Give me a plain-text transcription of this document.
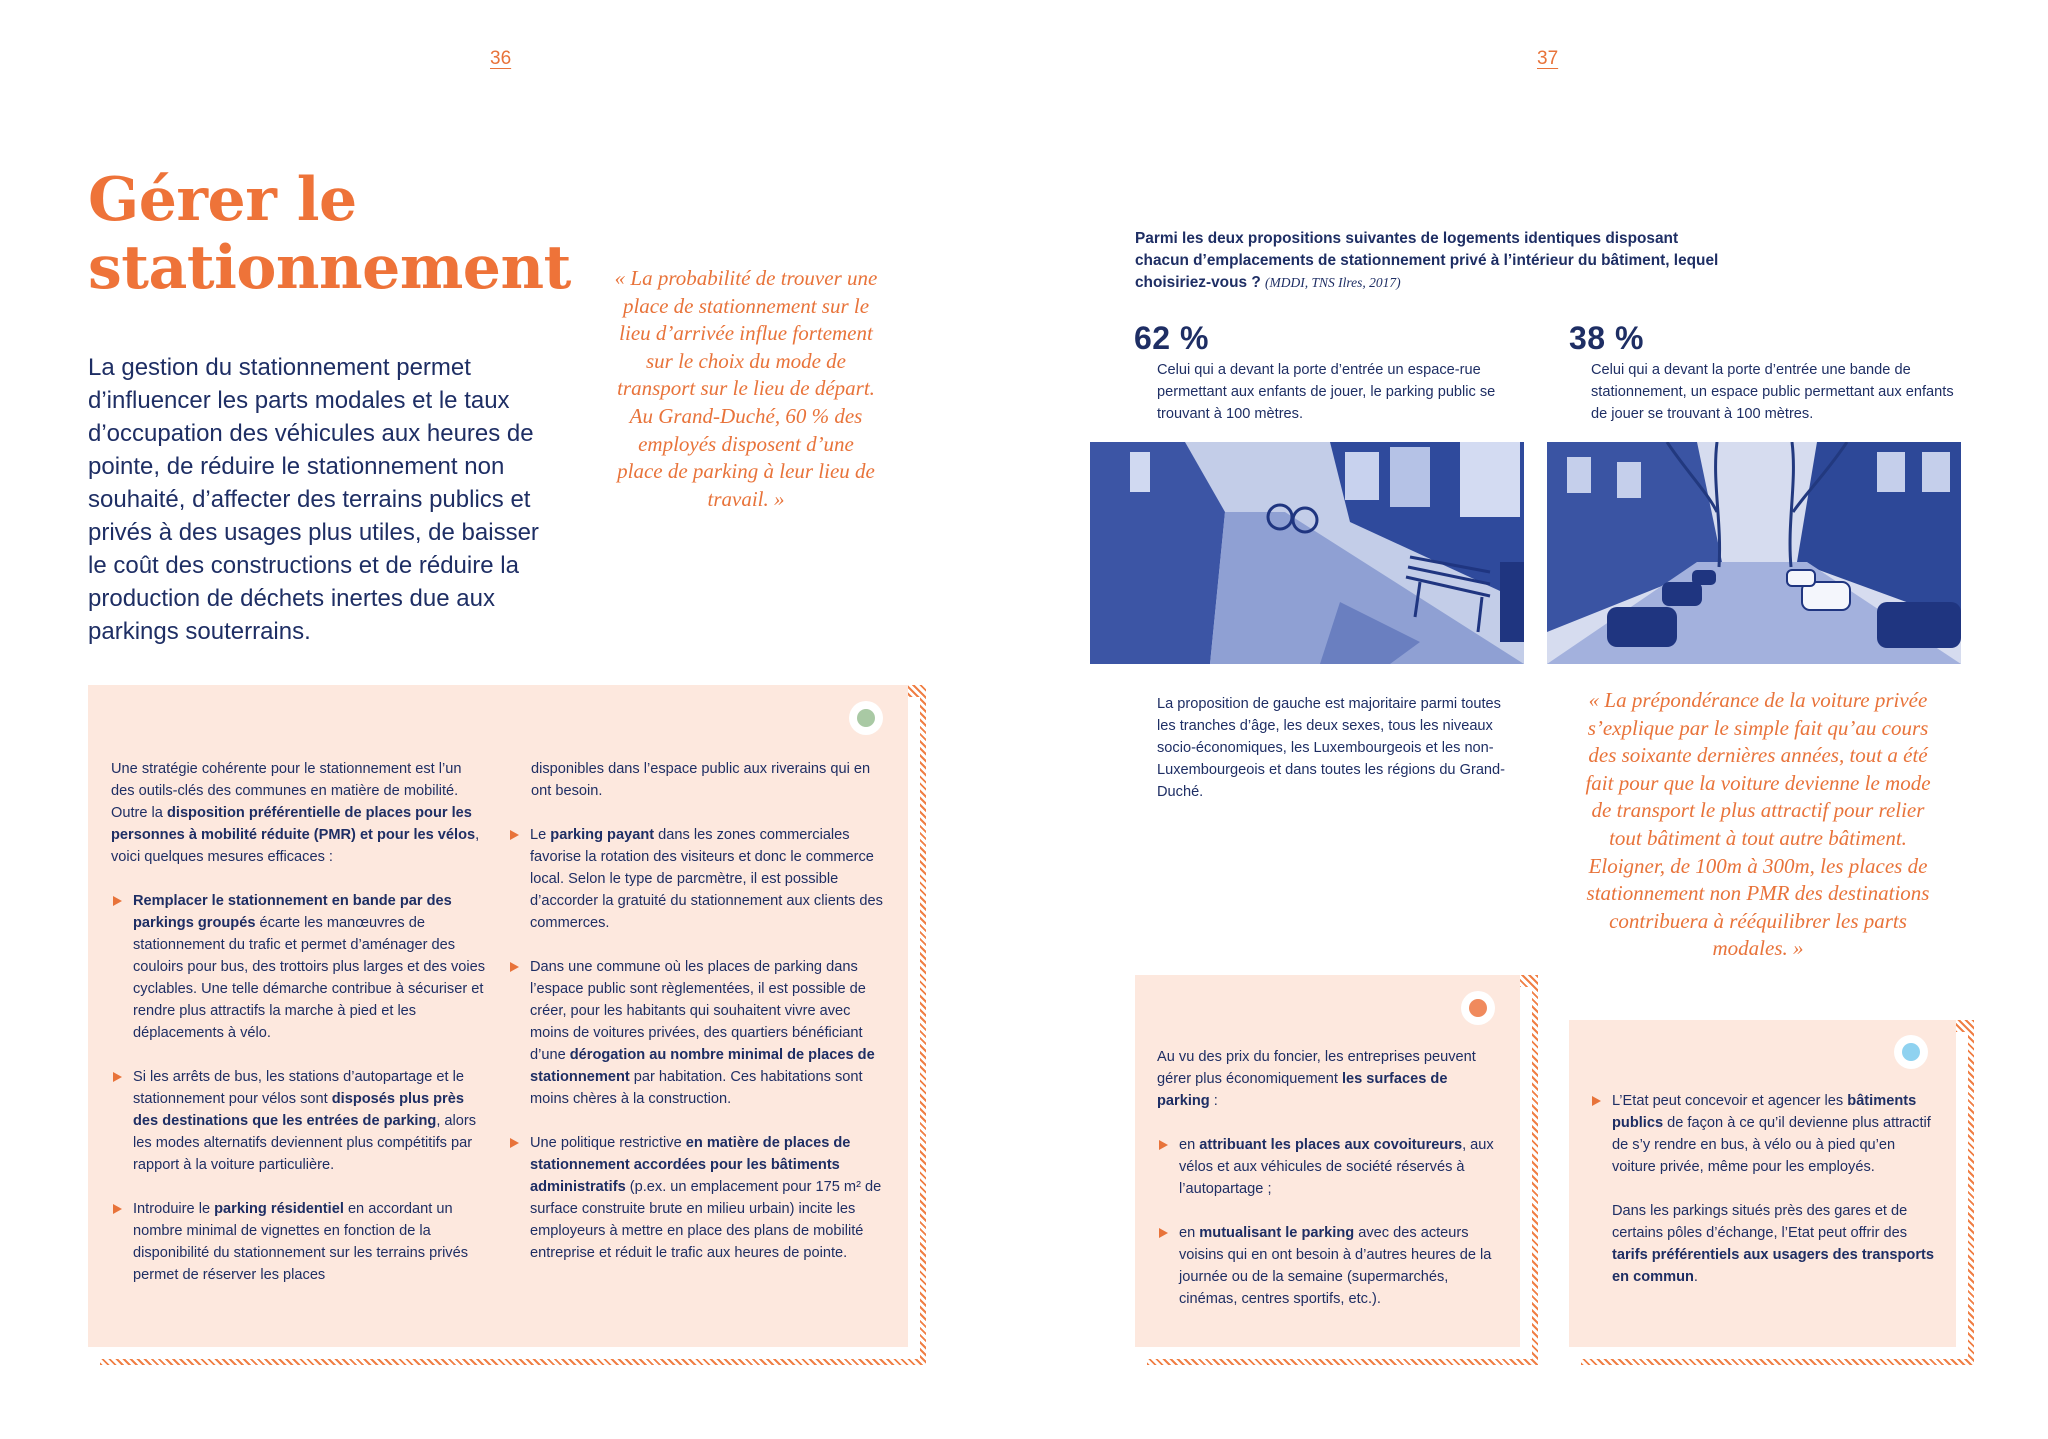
36	37
Gérer le
stationnement
La gestion du stationnement permet d’influencer les parts modales et le taux d’occupation des véhicules aux heures de pointe, de réduire le stationnement non souhaité, d’affecter des terrains publics et privés à des usages plus utiles, de baisser le coût des constructions et de réduire la production de déchets inertes due aux parkings souterrains.
« La probabilité de trouver une place de stationnement sur le lieu d’arrivée influe fortement sur le choix du mode de transport sur le lieu de départ. Au Grand-Duché, 60 % des employés disposent d’une place de parking à leur lieu de travail. »

Une stratégie cohérente pour le stationnement est l’un des outils-clés des communes en matière de mobilité. Outre la disposition préférentielle de places pour les personnes à mobilité réduite (PMR) et pour les vélos, voici quelques mesures efficaces :

Remplacer le stationnement en bande par des parkings groupés écarte les manœuvres de stationnement du trafic et permet d’aménager des couloirs pour bus, des trottoirs plus larges et des voies cyclables. Une telle démarche contribue à sécuriser et rendre plus attractifs la marche à pied et les déplacements à vélo.
Si les arrêts de bus, les stations d’autopartage et le stationnement pour vélos sont disposés plus près des destinations que les entrées de parking, alors les modes alternatifs deviennent plus compétitifs par rapport à la voiture particulière.
Introduire le parking résidentiel en accordant un nombre minimal de vignettes en fonction de la disponibilité du stationnement sur les terrains privés permet de réserver les places

disponibles dans l’espace public aux riverains qui en ont besoin.

Le parking payant dans les zones commerciales favorise la rotation des visiteurs et donc le commerce local. Selon le type de parcmètre, il est possible d’accorder la gratuité du stationnement aux clients des commerces.
Dans une commune où les places de parking dans l’espace public sont règlementées, il est possible de créer, pour les habitants qui souhaitent vivre avec moins de voitures privées, des quartiers bénéficiant d’une dérogation au nombre minimal de places de stationnement par habitation. Ces habitations sont moins chères à la construction.
Une politique restrictive en matière de places de stationnement accordées pour les bâtiments administratifs (p.ex. un emplacement pour 175 m² de surface construite brute en milieu urbain) incite les employeurs à mettre en place des plans de mobilité entreprise et réduit le trafic aux heures de pointe.
Parmi les deux propositions suivantes de logements identiques disposant chacun d’emplacements de stationnement privé à l’intérieur du bâtiment, lequel choisiriez-vous ? (MDDI, TNS Ilres, 2017)
62 %
Celui qui a devant la porte d’entrée un espace-rue permettant aux enfants de jouer, le parking public se trouvant à 100 mètres.
38 %
Celui qui a devant la porte d’entrée une bande de stationnement, un espace public permettant aux enfants de jouer se trouvant à 100 mètres.
La proposition de gauche est majoritaire parmi toutes les tranches d’âge, les deux sexes, tous les niveaux socio-économiques, les Luxembourgeois et les non-Luxembourgeois et dans toutes les régions du Grand-Duché.
« La prépondérance de la voiture privée s’explique par le simple fait qu’au cours des soixante dernières années, tout a été fait pour que la voiture devienne le mode de transport le plus attractif pour relier tout bâtiment à tout autre bâtiment. Eloigner, de 100m à 300m, les places de stationnement non PMR des destinations contribuera à rééquilibrer les parts modales. »

Au vu des prix du foncier, les entreprises peuvent gérer plus économiquement les surfaces de parking :

en attribuant les places aux covoitureurs, aux vélos et aux véhicules de société réservés à l’autopartage ;
en mutualisant le parking avec des acteurs voisins qui en ont besoin à d’autres heures de la journée ou de la semaine (supermarchés, cinémas, centres sportifs, etc.).
L’Etat peut concevoir et agencer les bâtiments publics de façon à ce qu’il devienne plus attractif de s’y rendre en bus, à vélo ou à pied qu’en voiture privée, même pour les employés.

Dans les parkings situés près des gares et de certains pôles d’échange, l’Etat peut offrir des tarifs préférentiels aux usagers des transports en commun.
